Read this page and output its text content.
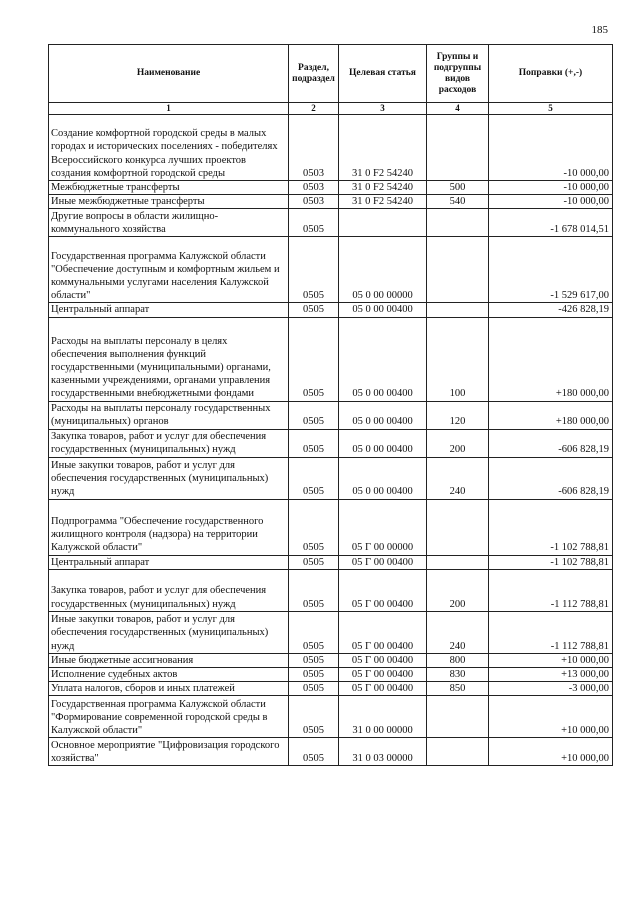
185
Наименование	Раздел, подраздел	Целевая статья	Группы и подгруппы видов расходов	Поправки (+,-)
1	2	3	4	5
Создание комфортной городской среды в малых городах и исторических поселениях - победителях Всероссийского конкурса лучших проектов создания комфортной городской среды	0503	31 0 F2 54240		-10 000,00
Межбюджетные трансферты	0503	31 0 F2 54240	500	-10 000,00
Иные межбюджетные трансферты	0503	31 0 F2 54240	540	-10 000,00
Другие вопросы в области жилищно-коммунального хозяйства	0505			-1 678 014,51
Государственная программа Калужской области "Обеспечение доступным и комфортным жильем и коммунальными услугами населения Калужской области"	0505	05 0 00 00000		-1 529 617,00
Центральный аппарат	0505	05 0 00 00400		-426 828,19
Расходы на выплаты персоналу в целях обеспечения выполнения функций государственными (муниципальными) органами, казенными учреждениями, органами управления государственными внебюджетными фондами	0505	05 0 00 00400	100	+180 000,00
Расходы на выплаты персоналу государственных (муниципальных) органов	0505	05 0 00 00400	120	+180 000,00
Закупка товаров, работ и услуг для обеспечения государственных (муниципальных) нужд	0505	05 0 00 00400	200	-606 828,19
Иные закупки товаров, работ и услуг для обеспечения государственных (муниципальных) нужд	0505	05 0 00 00400	240	-606 828,19
Подпрограмма "Обеспечение государственного жилищного контроля (надзора) на территории Калужской области"	0505	05 Г 00 00000		-1 102 788,81
Центральный аппарат	0505	05 Г 00 00400		-1 102 788,81
Закупка товаров, работ и услуг для обеспечения государственных (муниципальных) нужд	0505	05 Г 00 00400	200	-1 112 788,81
Иные закупки товаров, работ и услуг для обеспечения государственных (муниципальных) нужд	0505	05 Г 00 00400	240	-1 112 788,81
Иные бюджетные ассигнования	0505	05 Г 00 00400	800	+10 000,00
Исполнение судебных актов	0505	05 Г 00 00400	830	+13 000,00
Уплата налогов, сборов и иных платежей	0505	05 Г 00 00400	850	-3 000,00
Государственная программа Калужской области "Формирование современной городской среды в Калужской области"	0505	31 0 00 00000		+10 000,00
Основное мероприятие "Цифровизация городского хозяйства"	0505	31 0 03 00000		+10 000,00
